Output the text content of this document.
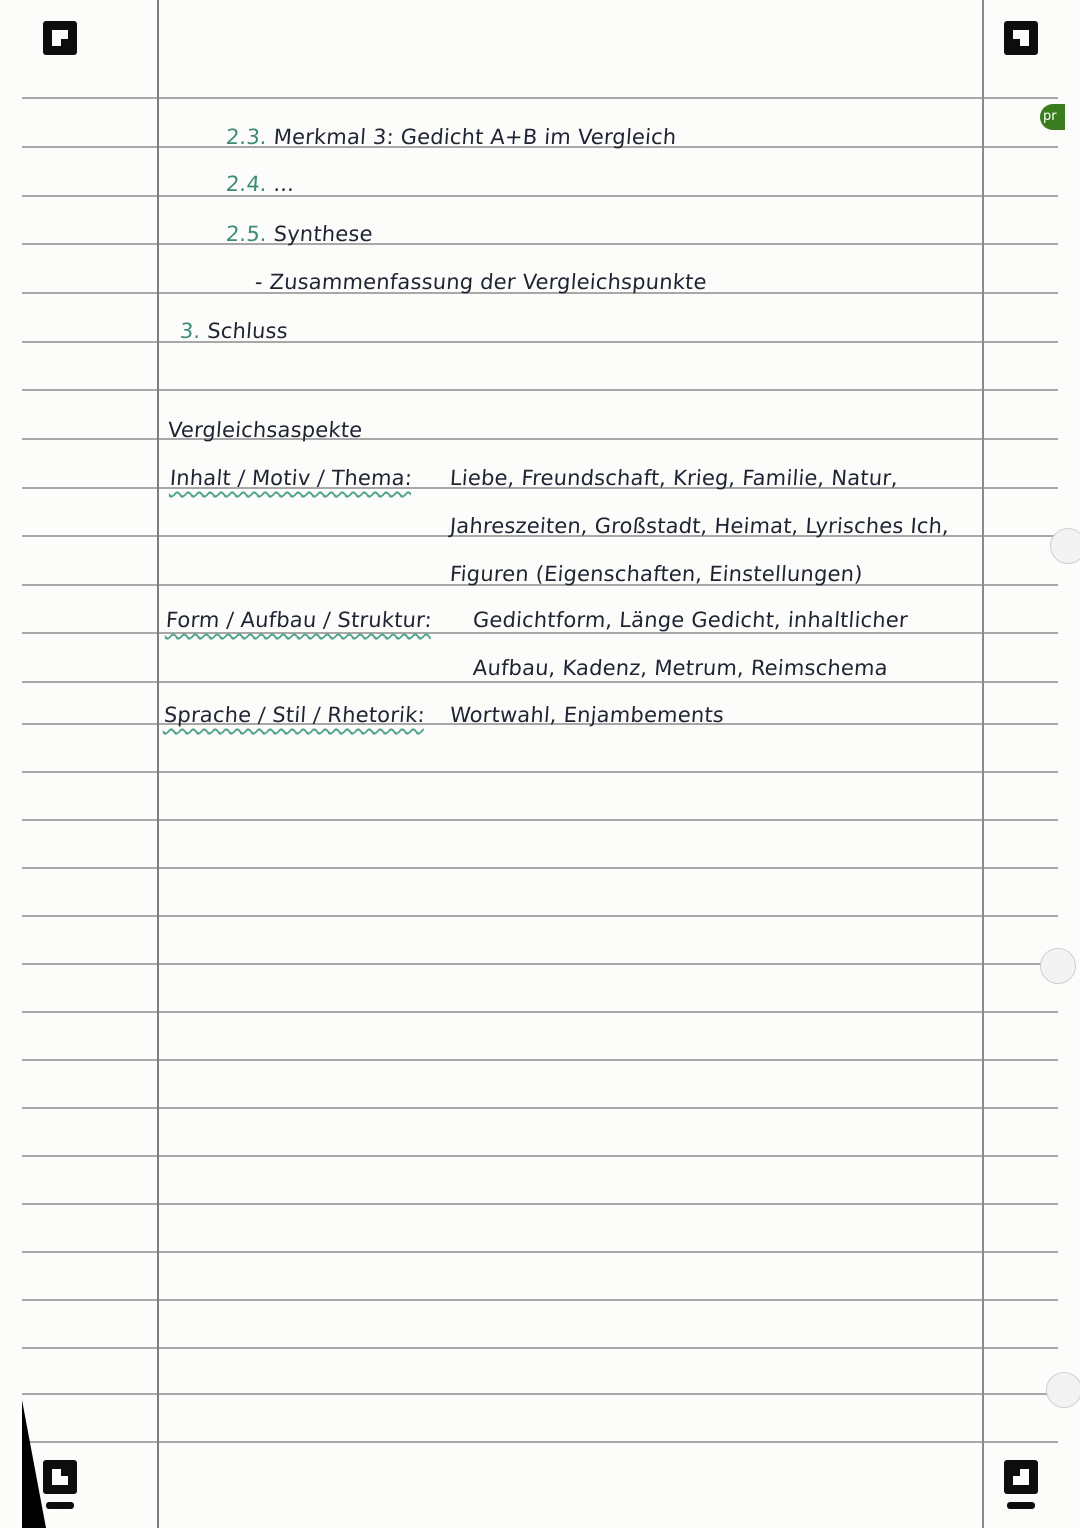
pr
2.3. Merkmal 3: Gedicht A+B im Vergleich
2.4. ...
2.5. Synthese
- Zusammenfassung der Vergleichspunkte
3. Schluss
Vergleichsaspekte
Inhalt / Motiv / Thema: Liebe, Freundschaft, Krieg, Familie, Natur,
Jahreszeiten, Großstadt, Heimat, Lyrisches Ich,
Figuren (Eigenschaften, Einstellungen)
Form / Aufbau / Struktur: Gedichtform, Länge Gedicht, inhaltlicher
Aufbau, Kadenz, Metrum, Reimschema
Sprache / Stil / Rhetorik: Wortwahl, Enjambements
